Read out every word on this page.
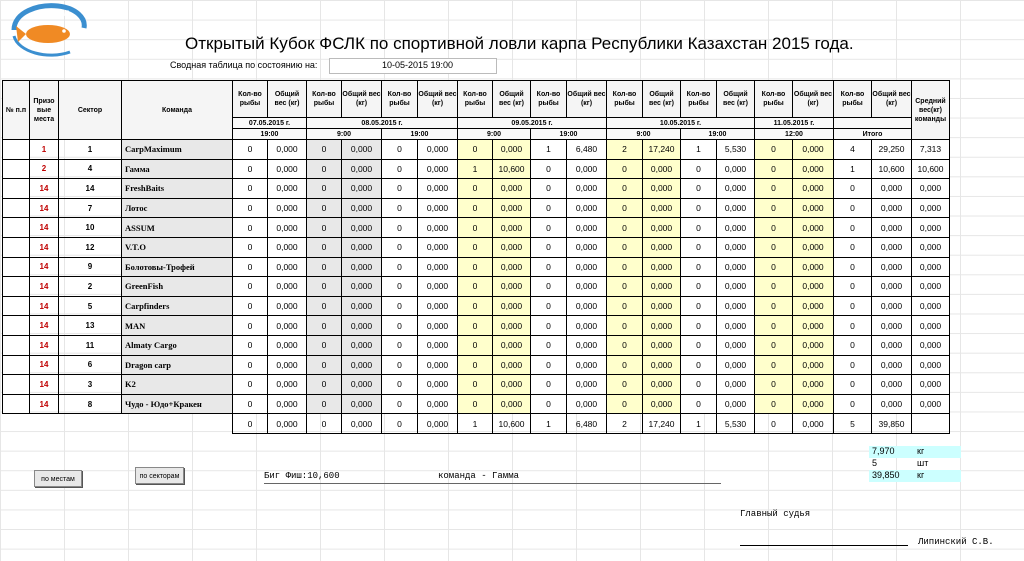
ФСЛК РК
Открытый Кубок ФСЛК по спортивной ловли карпа Республики Казахстан 2015 года.
Сводная таблица по состоянию на:	10-05-2015 19:00
№ п.п	Призо вые места	Сектор	Команда	Кол-во рыбы	Общий вес (кг)	Кол-во рыбы	Общий вес (кг)	Кол-во рыбы	Общий вес (кг)	Кол-во рыбы	Общий вес (кг)	Кол-во рыбы	Общий вес (кг)	Кол-во рыбы	Общий вес (кг)	Кол-во рыбы	Общий вес (кг)	Кол-во рыбы	Общий вес (кг)	Кол-во рыбы	Общий вес (кг)	Средний вес(кг) команды
				07.05.2015 г.		08.05.2015 г.				09.05.2015 г.				10.05.2015 г.				11.05.2015 г.				
				19:00		9:00		19:00		9:00		19:00		9:00		19:00		12:00		Итого		
	1	1	CarpMaximum	0	0,000	0	0,000	0	0,000	0	0,000	1	6,480	2	17,240	1	5,530	0	0,000	4	29,250	7,313
	2	4	Гамма	0	0,000	0	0,000	0	0,000	1	10,600	0	0,000	0	0,000	0	0,000	0	0,000	1	10,600	10,600
	14	14	FreshBaits	0	0,000	0	0,000	0	0,000	0	0,000	0	0,000	0	0,000	0	0,000	0	0,000	0	0,000	0,000
	14	7	Лотос	0	0,000	0	0,000	0	0,000	0	0,000	0	0,000	0	0,000	0	0,000	0	0,000	0	0,000	0,000
	14	10	ASSUM	0	0,000	0	0,000	0	0,000	0	0,000	0	0,000	0	0,000	0	0,000	0	0,000	0	0,000	0,000
	14	12	V.T.O	0	0,000	0	0,000	0	0,000	0	0,000	0	0,000	0	0,000	0	0,000	0	0,000	0	0,000	0,000
	14	9	Болотовы-Трофей	0	0,000	0	0,000	0	0,000	0	0,000	0	0,000	0	0,000	0	0,000	0	0,000	0	0,000	0,000
	14	2	GreenFish	0	0,000	0	0,000	0	0,000	0	0,000	0	0,000	0	0,000	0	0,000	0	0,000	0	0,000	0,000
	14	5	Carpfinders	0	0,000	0	0,000	0	0,000	0	0,000	0	0,000	0	0,000	0	0,000	0	0,000	0	0,000	0,000
	14	13	MAN	0	0,000	0	0,000	0	0,000	0	0,000	0	0,000	0	0,000	0	0,000	0	0,000	0	0,000	0,000
	14	11	Almaty Cargo	0	0,000	0	0,000	0	0,000	0	0,000	0	0,000	0	0,000	0	0,000	0	0,000	0	0,000	0,000
	14	6	Dragon carp	0	0,000	0	0,000	0	0,000	0	0,000	0	0,000	0	0,000	0	0,000	0	0,000	0	0,000	0,000
	14	3	K2	0	0,000	0	0,000	0	0,000	0	0,000	0	0,000	0	0,000	0	0,000	0	0,000	0	0,000	0,000
	14	8	Чудо - Юдо+Кракен	0	0,000	0	0,000	0	0,000	0	0,000	0	0,000	0	0,000	0	0,000	0	0,000	0	0,000	0,000
				0	0,000	0	0,000	0	0,000	1	10,600	1	6,480	2	17,240	1	5,530	0	0,000	5	39,850	
по местам	по секторам
7,970 кг
5	шт
39,850 кг
Биг Фиш:10,600	команда - Гамма
Главный судья
Липинский С.В.
